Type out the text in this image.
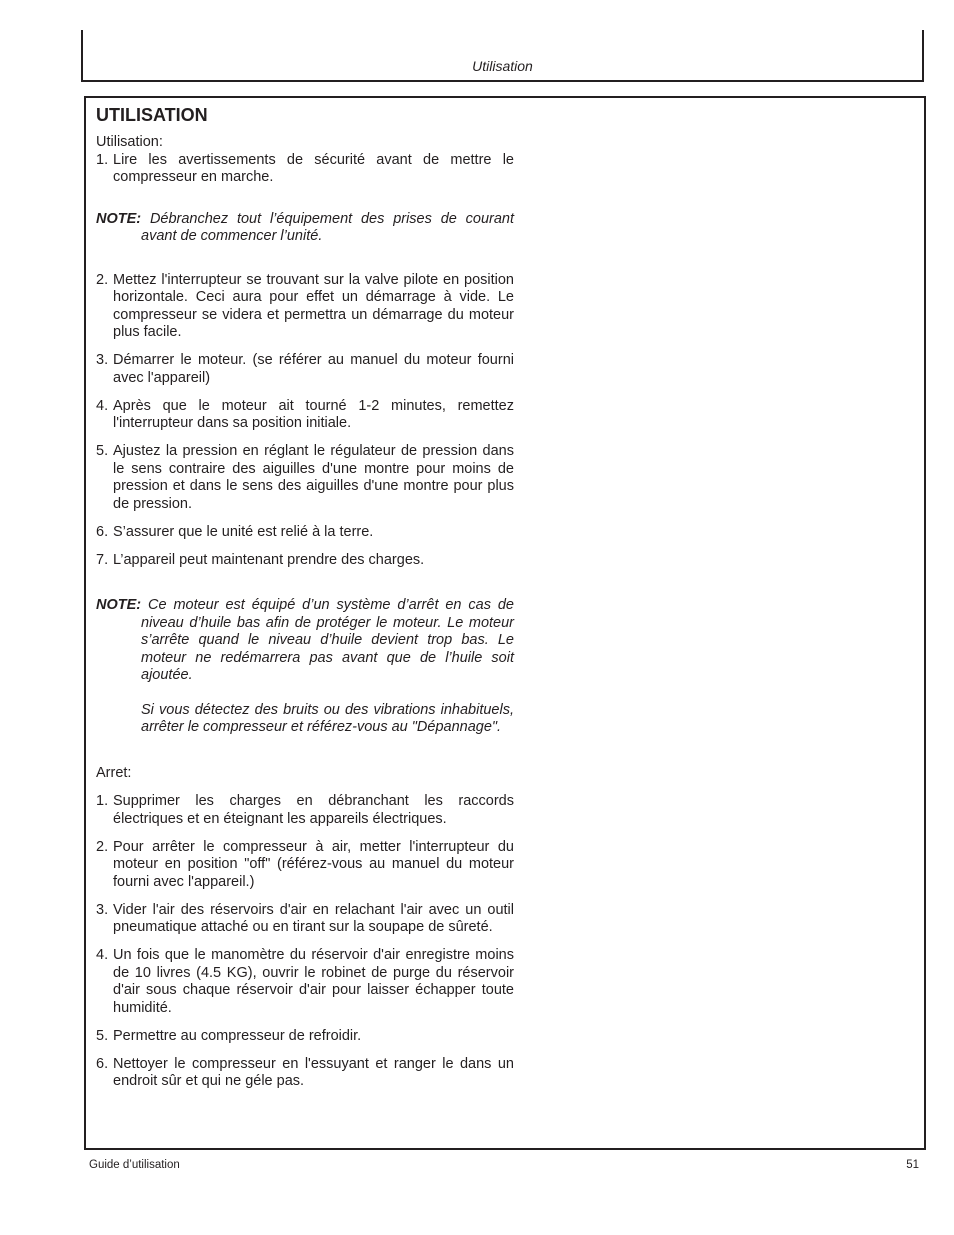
Utilisation
UTILISATION

Utilisation:

1. Lire les avertissements de sécurité avant de mettre le compresseur en marche.

NOTE: Débranchez tout l’équipement des prises de courant avant de commencer l’unité.

2. Mettez l'interrupteur se trouvant sur la valve pilote en position horizontale. Ceci aura pour effet un démarrage à vide. Le compresseur se videra et permettra un démarrage du moteur plus facile.
3. Démarrer le moteur. (se référer au manuel du moteur fourni avec l'appareil)
4. Après que le moteur ait tourné 1-2 minutes, remettez l'interrupteur dans sa position initiale.
5. Ajustez la pression en réglant le régulateur de pression dans le sens contraire des aiguilles d'une montre pour moins de pression et dans le sens des aiguilles d'une montre pour plus de pression.
6. S’assurer que le unité est relié à la terre.
7. L’appareil peut maintenant prendre des charges.

NOTE: Ce moteur est équipé d’un système d’arrêt en cas de niveau d’huile bas afin de protéger le moteur. Le moteur s’arrête quand le niveau d’huile devient trop bas. Le moteur ne redémarrera pas avant que de l’huile soit ajoutée.

Si vous détectez des bruits ou des vibrations inhabituels, arrêter le compresseur et référez-vous au "Dépannage".

Arret:

1. Supprimer les charges en débranchant les raccords électriques et en éteignant les appareils électriques.
2. Pour arrêter le compresseur à air, metter l'interrupteur du moteur en position "off" (référez-vous au manuel du moteur fourni avec l'appareil.)
3. Vider l'air des réservoirs d'air en relachant l'air avec un outil pneumatique attaché ou en tirant sur la soupape de sûreté.
4. Un fois que le manomètre du réservoir d'air enregistre moins de 10 livres (4.5 KG), ouvrir le robinet de purge du réservoir d'air sous chaque réservoir d'air pour laisser échapper toute humidité.
5. Permettre au compresseur de refroidir.
6. Nettoyer le compresseur en l'essuyant et ranger le dans un endroit sûr et qui ne géle pas.
Guide d’utilisation	51
